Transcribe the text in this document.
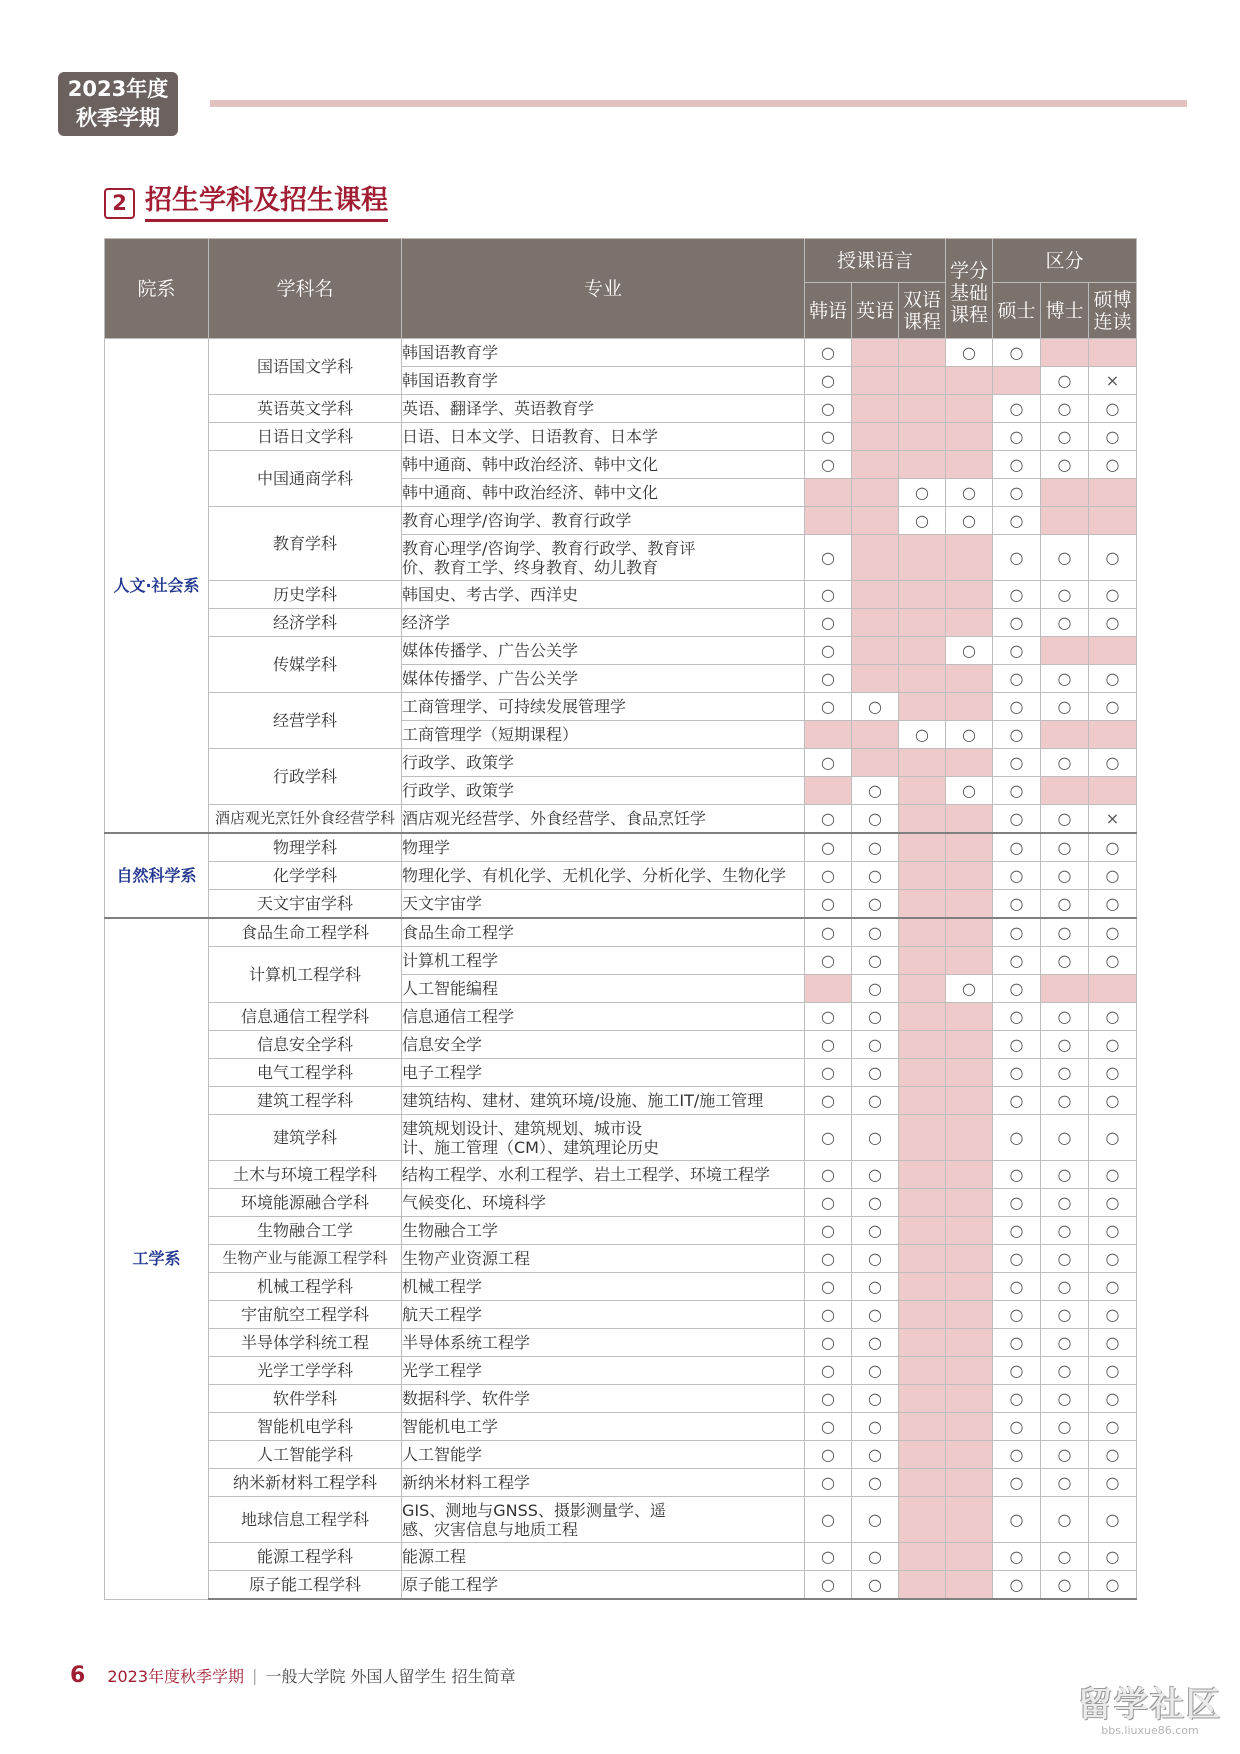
2023年度
秋季学期
2 招生学科及招生课程
院系	学科名	专业	授课语言			学分
基础
课程	区分		
			韩语	英语	双语
课程		硕士	博士	硕博
连读
人文·社会系	国语国文学科	韩国语教育学	○			○	○		
		韩国语教育学	○					○	×
	英语英文学科	英语、翻译学、英语教育学	○				○	○	○
	日语日文学科	日语、日本文学、日语教育、日本学	○				○	○	○
	中国通商学科	韩中通商、韩中政治经济、韩中文化	○				○	○	○
		韩中通商、韩中政治经济、韩中文化			○	○	○		
	教育学科	教育心理学/咨询学、教育行政学			○	○	○		

		教育心理学/咨询学、教育行政学、教育评价、教育工学、终身教育、幼儿教育	○				○	○	○
	历史学科	韩国史、考古学、西洋史	○				○	○	○
	经济学科	经济学	○				○	○	○
	传媒学科	媒体传播学、广告公关学	○			○	○		
		媒体传播学、广告公关学	○				○	○	○
	经营学科	工商管理学、可持续发展管理学	○	○			○	○	○
		工商管理学（短期课程）			○	○	○		
	行政学科	行政学、政策学	○				○	○	○
		行政学、政策学		○		○	○		
	酒店观光烹饪外食经营学科	酒店观光经营学、外食经营学、食品烹饪学	○	○			○	○	×
自然科学系	物理学科	物理学	○	○			○	○	○
	化学学科	物理化学、有机化学、无机化学、分析化学、生物化学	○	○			○	○	○
	天文宇宙学科	天文宇宙学	○	○			○	○	○
工学系	食品生命工程学科	食品生命工程学	○	○			○	○	○
	计算机工程学科	计算机工程学	○	○			○	○	○
		人工智能编程		○		○	○		
	信息通信工程学科	信息通信工程学	○	○			○	○	○
	信息安全学科	信息安全学	○	○			○	○	○
	电气工程学科	电子工程学	○	○			○	○	○
	建筑工程学科	建筑结构、建材、建筑环境/设施、施工IT/施工管理	○	○			○	○	○
	建筑学科	建筑规划设计、建筑规划、城市设计、施工管理（CM）、建筑理论历史	○	○			○	○	○
	土木与环境工程学科	结构工程学、水利工程学、岩土工程学、环境工程学	○	○			○	○	○
	环境能源融合学科	气候变化、环境科学	○	○			○	○	○
	生物融合工学	生物融合工学	○	○			○	○	○
	生物产业与能源工程学科	生物产业资源工程	○	○			○	○	○
	机械工程学科	机械工程学	○	○			○	○	○
	宇宙航空工程学科	航天工程学	○	○			○	○	○
	半导体学科统工程	半导体系统工程学	○	○			○	○	○
	光学工学学科	光学工程学	○	○			○	○	○
	软件学科	数据科学、软件学	○	○			○	○	○
	智能机电学科	智能机电工学	○	○			○	○	○
	人工智能学科	人工智能学	○	○			○	○	○
	纳米新材料工程学科	新纳米材料工程学	○	○			○	○	○
	地球信息工程学科	GIS、测地与GNSS、摄影测量学、遥感、灾害信息与地质工程	○	○			○	○	○
	能源工程学科	能源工程	○	○			○	○	○
	原子能工程学科	原子能工程学	○	○			○	○	○
6 2023年度秋季学期 | 一般大学院 外国人留学生 招生简章
留学社区
bbs.liuxue86.com
